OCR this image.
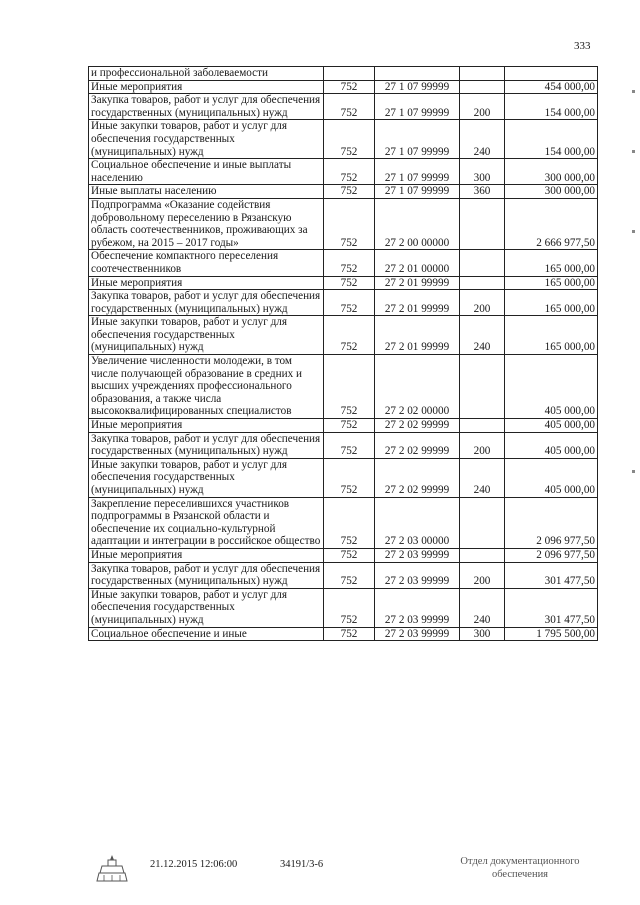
333
и профессиональной заболеваемости				
Иные мероприятия	752	27 1 07 99999		454 000,00
Закупка товаров, работ и услуг для обеспечения государственных (муниципальных) нужд	752	27 1 07 99999	200	154 000,00
Иные закупки товаров, работ и услуг для обеспечения государственных (муниципальных) нужд	752	27 1 07 99999	240	154 000,00
Социальное обеспечение и иные выплаты населению	752	27 1 07 99999	300	300 000,00
Иные выплаты населению	752	27 1 07 99999	360	300 000,00
Подпрограмма «Оказание содействия добровольному переселению в Рязанскую область соотечественников, проживающих за рубежом, на 2015 – 2017 годы»	752	27 2 00 00000		2 666 977,50
Обеспечение компактного переселения соотечественников	752	27 2 01 00000		165 000,00
Иные мероприятия	752	27 2 01 99999		165 000,00
Закупка товаров, работ и услуг для обеспечения государственных (муниципальных) нужд	752	27 2 01 99999	200	165 000,00
Иные закупки товаров, работ и услуг для обеспечения государственных (муниципальных) нужд	752	27 2 01 99999	240	165 000,00
Увеличение численности молодежи, в том числе получающей образование в средних и высших учреждениях профессионального образования, а также числа высококвалифицированных специалистов	752	27 2 02 00000		405 000,00
Иные мероприятия	752	27 2 02 99999		405 000,00
Закупка товаров, работ и услуг для обеспечения государственных (муниципальных) нужд	752	27 2 02 99999	200	405 000,00
Иные закупки товаров, работ и услуг для обеспечения государственных (муниципальных) нужд	752	27 2 02 99999	240	405 000,00
Закрепление переселившихся участников подпрограммы в Рязанской области и обеспечение их социально-культурной адаптации и интеграции в российское общество	752	27 2 03 00000		2 096 977,50
Иные мероприятия	752	27 2 03 99999		2 096 977,50
Закупка товаров, работ и услуг для обеспечения государственных (муниципальных) нужд	752	27 2 03 99999	200	301 477,50
Иные закупки товаров, работ и услуг для обеспечения государственных (муниципальных) нужд	752	27 2 03 99999	240	301 477,50
Социальное обеспечение и иные	752	27 2 03 99999	300	1 795 500,00
21.12.2015 12:06:00	34191/3-6	Отдел документационного обеспечения
